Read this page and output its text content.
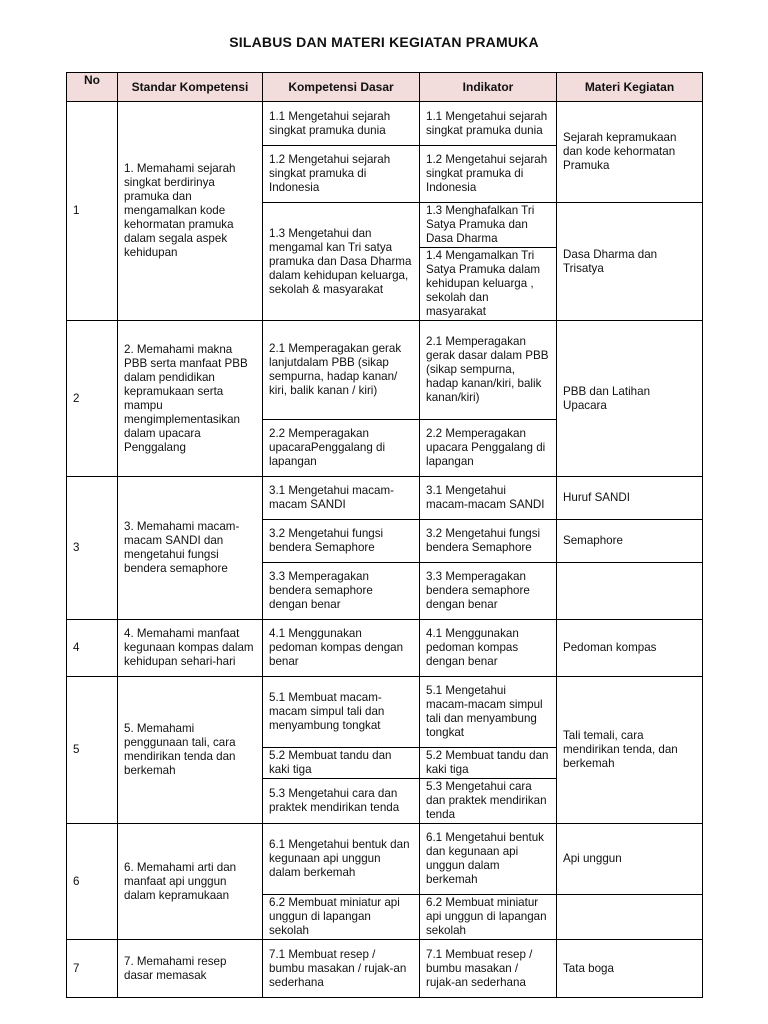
SILABUS DAN MATERI KEGIATAN PRAMUKA
No	Standar Kompetensi	Kompetensi Dasar	Indikator	Materi Kegiatan
1	1. Memahami sejarah singkat berdirinya pramuka dan mengamalkan kode kehormatan pramuka dalam segala aspek kehidupan	1.1 Mengetahui sejarah singkat pramuka dunia	1.1 Mengetahui sejarah singkat pramuka dunia	Sejarah kepramukaan dan kode kehormatan Pramuka
		1.2 Mengetahui sejarah singkat pramuka di Indonesia	1.2 Mengetahui sejarah singkat pramuka di Indonesia	
		1.3 Mengetahui dan mengamal kan Tri satya pramuka dan Dasa Dharma dalam kehidupan keluarga, sekolah & masyarakat	1.3 Menghafalkan Tri Satya Pramuka dan Dasa Dharma	Dasa Dharma dan Trisatya
			1.4 Mengamalkan Tri Satya Pramuka dalam kehidupan keluarga , sekolah dan masyarakat	
2	2. Memahami makna PBB serta manfaat PBB dalam pendidikan kepramukaan serta mampu mengimplementasikan dalam upacara Penggalang	2.1 Memperagakan gerak lanjutdalam PBB (sikap sempurna, hadap kanan/ kiri, balik kanan / kiri)	2.1 Memperagakan gerak dasar dalam PBB (sikap sempurna, hadap kanan/kiri, balik kanan/kiri)	PBB dan Latihan Upacara
		2.2 Memperagakan upacaraPenggalang di lapangan	2.2 Memperagakan upacara Penggalang di lapangan	
3	3. Memahami macam-macam SANDI dan mengetahui fungsi bendera semaphore	3.1 Mengetahui macam-macam SANDI	3.1 Mengetahui macam-macam SANDI	Huruf SANDI
		3.2 Mengetahui fungsi bendera Semaphore	3.2 Mengetahui fungsi bendera Semaphore	Semaphore
		3.3 Memperagakan bendera semaphore dengan benar	3.3 Memperagakan bendera semaphore dengan benar	
4	4. Memahami manfaat kegunaan kompas dalam kehidupan sehari-hari	4.1 Menggunakan pedoman kompas dengan benar	4.1 Menggunakan pedoman kompas dengan benar	Pedoman kompas
5	5. Memahami penggunaan tali, cara mendirikan tenda dan berkemah	5.1 Membuat macam-macam simpul tali dan menyambung tongkat	5.1 Mengetahui macam-macam simpul tali dan menyambung tongkat	Tali temali, cara mendirikan tenda, dan berkemah
		5.2 Membuat tandu dan kaki tiga	5.2 Membuat tandu dan kaki tiga	
		5.3 Mengetahui cara dan praktek mendirikan tenda	5.3 Mengetahui cara dan praktek mendirikan tenda	
6	6. Memahami arti dan manfaat api unggun dalam kepramukaan	6.1 Mengetahui bentuk dan kegunaan api unggun dalam berkemah	6.1 Mengetahui bentuk dan kegunaan api unggun dalam berkemah	Api unggun
		6.2 Membuat miniatur api unggun di lapangan sekolah	6.2 Membuat miniatur api unggun di lapangan sekolah	
7	7. Memahami resep dasar memasak	7.1 Membuat resep / bumbu masakan / rujak-an sederhana	7.1 Membuat resep / bumbu masakan / rujak-an sederhana	Tata boga
